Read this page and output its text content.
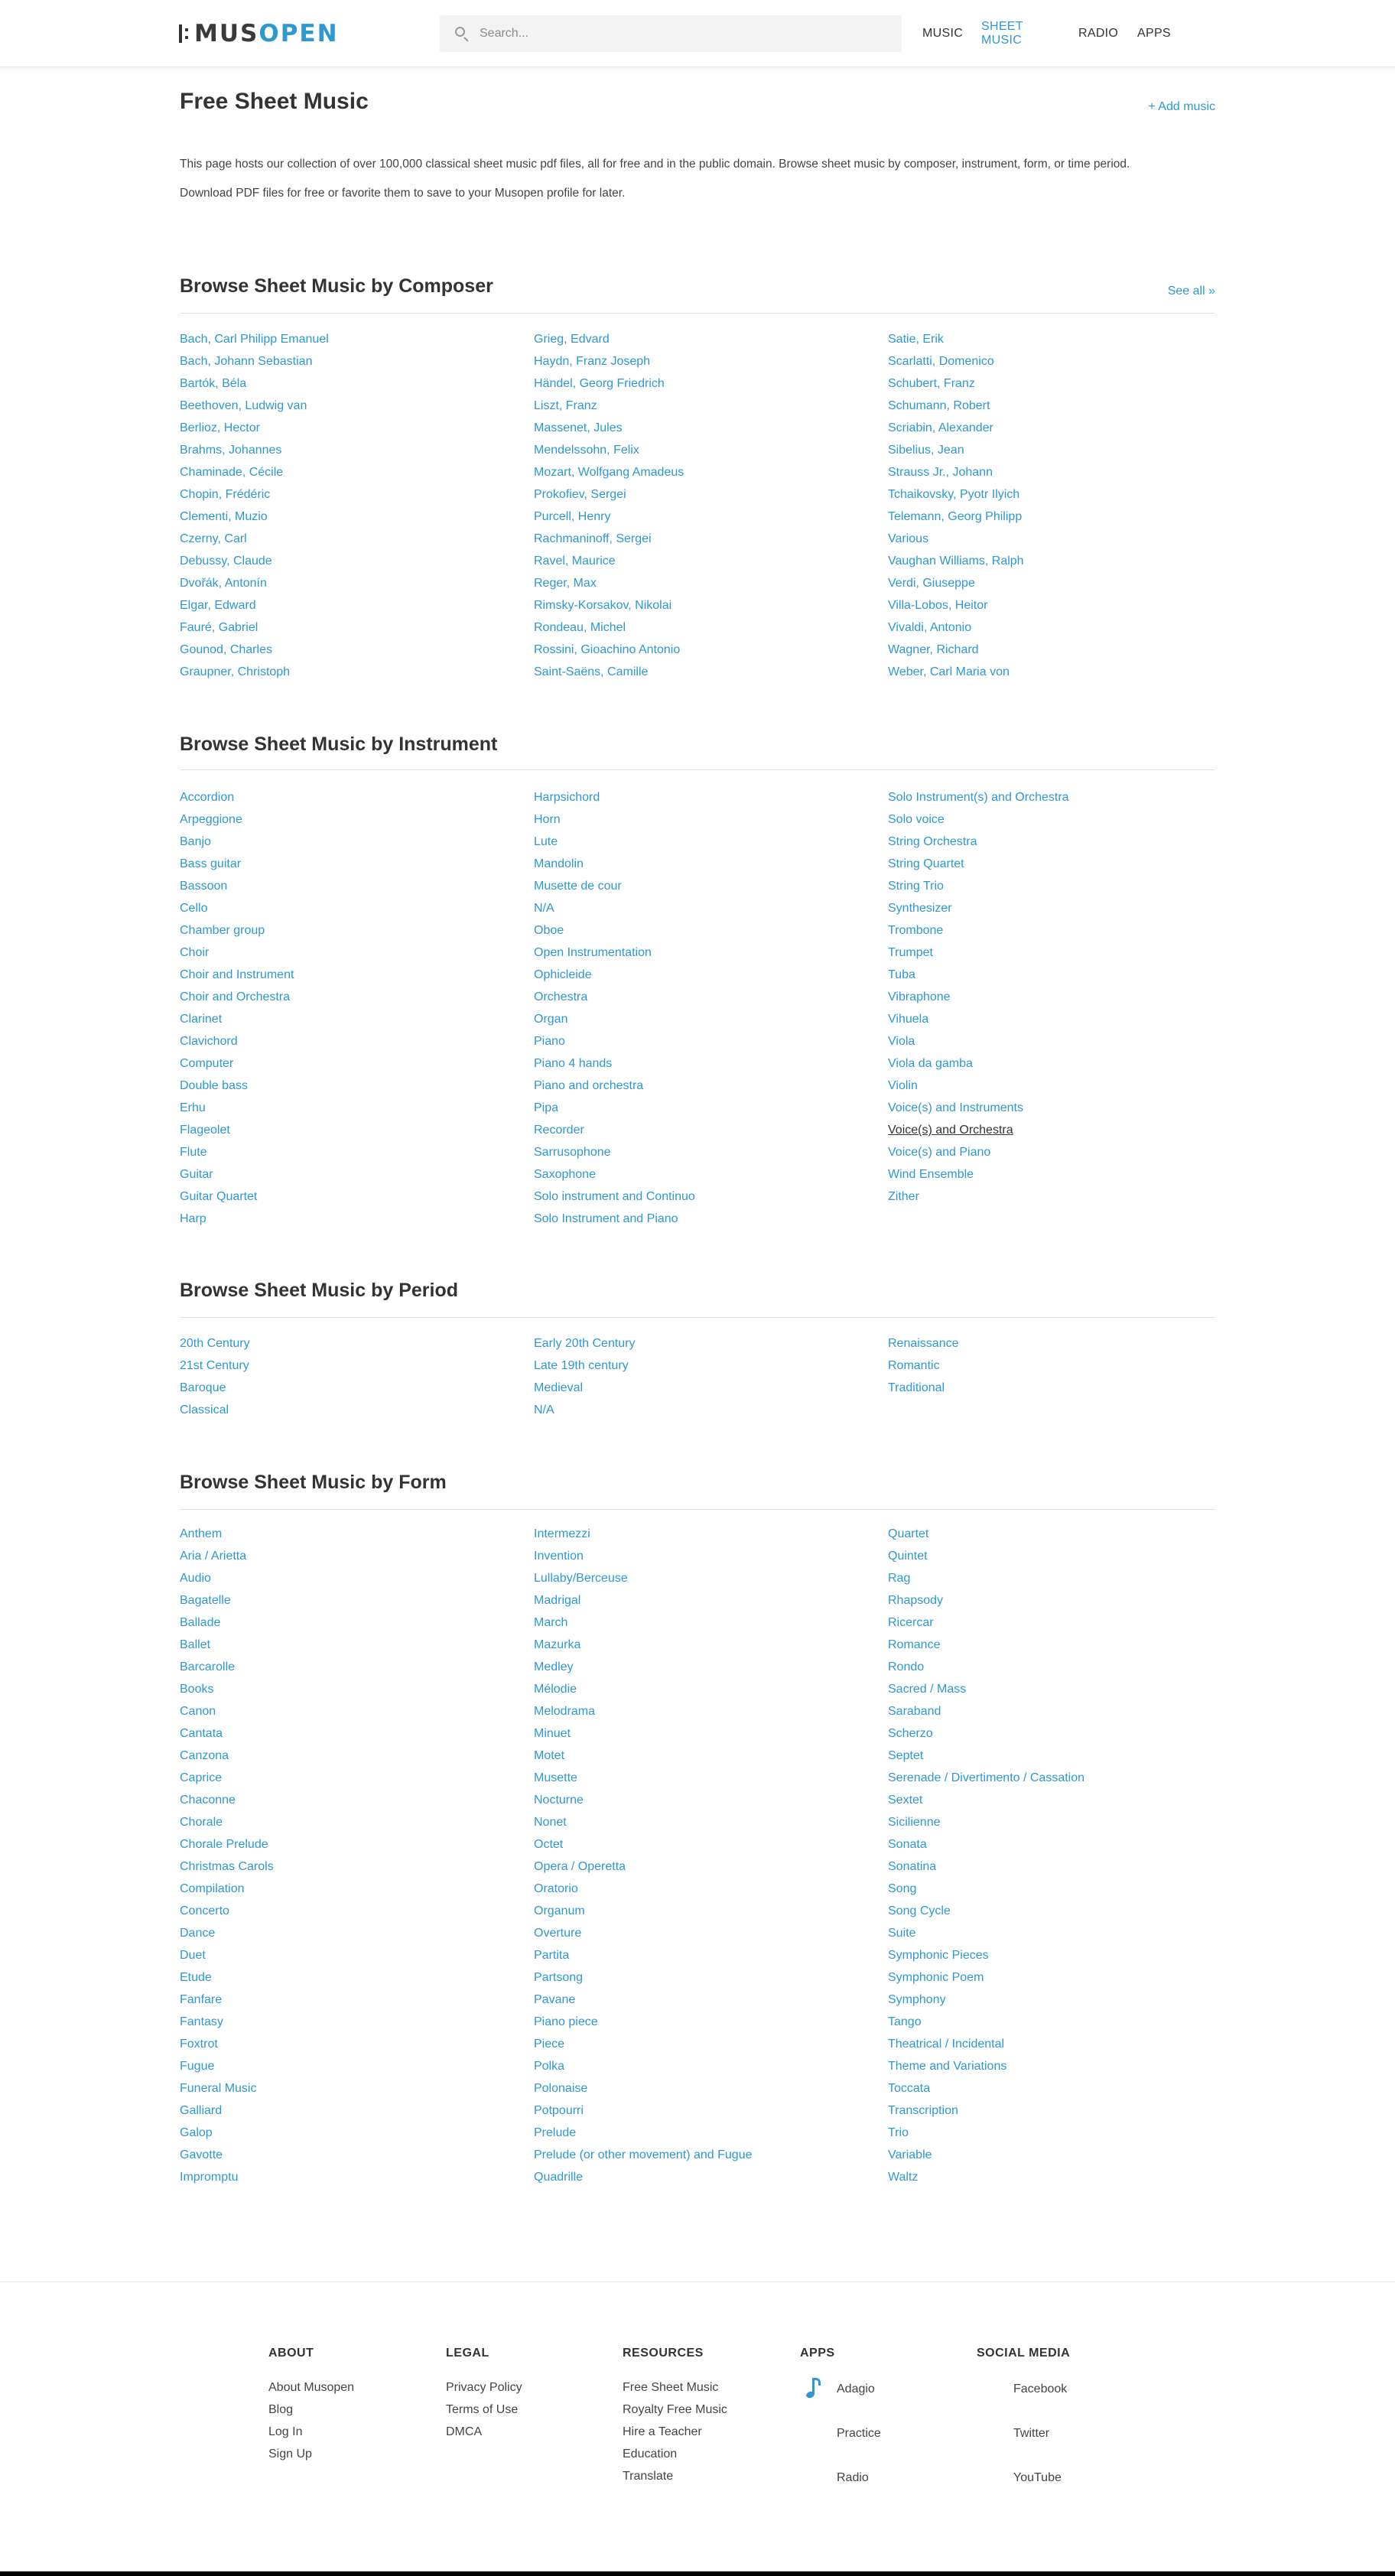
MUSOPEN
Search...	MUSIC
SHEET MUSIC
RADIO APPS
Free Sheet Music	+ Add music

This page hosts our collection of over 100,000 classical sheet music pdf files, all for free and in the public domain. Browse sheet music by composer, instrument, form, or time period.

Download PDF files for free or favorite them to save to your Musopen profile for later.

Browse Sheet Music by Composer	See all »
Bach, Carl Philipp Emanuel
Bach, Johann Sebastian
Bartók, Béla
Beethoven, Ludwig van
Berlioz, Hector
Brahms, Johannes
Chaminade, Cécile
Chopin, Frédéric
Clementi, Muzio
Czerny, Carl
Debussy, Claude
Dvořák, Antonín
Elgar, Edward
Fauré, Gabriel
Gounod, Charles
Graupner, Christoph
Grieg, Edvard
Haydn, Franz Joseph
Händel, Georg Friedrich
Liszt, Franz
Massenet, Jules
Mendelssohn, Felix
Mozart, Wolfgang Amadeus
Prokofiev, Sergei
Purcell, Henry
Rachmaninoff, Sergei
Ravel, Maurice
Reger, Max
Rimsky-Korsakov, Nikolai
Rondeau, Michel
Rossini, Gioachino Antonio
Saint-Saëns, Camille
Satie, Erik
Scarlatti, Domenico
Schubert, Franz
Schumann, Robert
Scriabin, Alexander
Sibelius, Jean
Strauss Jr., Johann
Tchaikovsky, Pyotr Ilyich
Telemann, Georg Philipp
Various
Vaughan Williams, Ralph
Verdi, Giuseppe
Villa-Lobos, Heitor
Vivaldi, Antonio
Wagner, Richard
Weber, Carl Maria von
Browse Sheet Music by Instrument
Accordion
Arpeggione
Banjo
Bass guitar
Bassoon
Cello
Chamber group
Choir
Choir and Instrument
Choir and Orchestra
Clarinet
Clavichord
Computer
Double bass
Erhu
Flageolet
Flute
Guitar
Guitar Quartet
Harp
Harpsichord
Horn
Lute
Mandolin
Musette de cour
N/A
Oboe
Open Instrumentation
Ophicleide
Orchestra
Organ
Piano
Piano 4 hands
Piano and orchestra
Pipa
Recorder
Sarrusophone
Saxophone
Solo instrument and Continuo
Solo Instrument and Piano
Solo Instrument(s) and Orchestra
Solo voice
String Orchestra
String Quartet
String Trio
Synthesizer
Trombone
Trumpet
Tuba
Vibraphone
Vihuela
Viola
Viola da gamba
Violin
Voice(s) and Instruments
Voice(s) and Orchestra
Voice(s) and Piano
Wind Ensemble
Zither
Browse Sheet Music by Period
20th Century
21st Century
Baroque
Classical
Early 20th Century
Late 19th century
Medieval
N/A
Renaissance
Romantic
Traditional
Browse Sheet Music by Form
Anthem
Aria / Arietta
Audio
Bagatelle
Ballade
Ballet
Barcarolle
Books
Canon
Cantata
Canzona
Caprice
Chaconne
Chorale
Chorale Prelude
Christmas Carols
Compilation
Concerto
Dance
Duet
Etude
Fanfare
Fantasy
Foxtrot
Fugue
Funeral Music
Galliard
Galop
Gavotte
Impromptu
Intermezzi
Invention
Lullaby/Berceuse
Madrigal
March
Mazurka
Medley
Mélodie
Melodrama
Minuet
Motet
Musette
Nocturne
Nonet
Octet
Opera / Operetta
Oratorio
Organum
Overture
Partita
Partsong
Pavane
Piano piece
Piece
Polka
Polonaise
Potpourri
Prelude
Prelude (or other movement) and Fugue
Quadrille
Quartet
Quintet
Rag
Rhapsody
Ricercar
Romance
Rondo
Sacred / Mass
Saraband
Scherzo
Septet
Serenade / Divertimento / Cassation
Sextet
Sicilienne
Sonata
Sonatina
Song
Song Cycle
Suite
Symphonic Pieces
Symphonic Poem
Symphony
Tango
Theatrical / Incidental
Theme and Variations
Toccata
Transcription
Trio
Variable
Waltz
ABOUT
About Musopen
Blog
Log In
Sign Up
LEGAL
Privacy Policy
Terms of Use
DMCA
RESOURCES
Free Sheet Music
Royalty Free Music
Hire a Teacher
Education
Translate
APPS
Adagio
Practice
Radio
SOCIAL MEDIA
Facebook
Twitter
YouTube
